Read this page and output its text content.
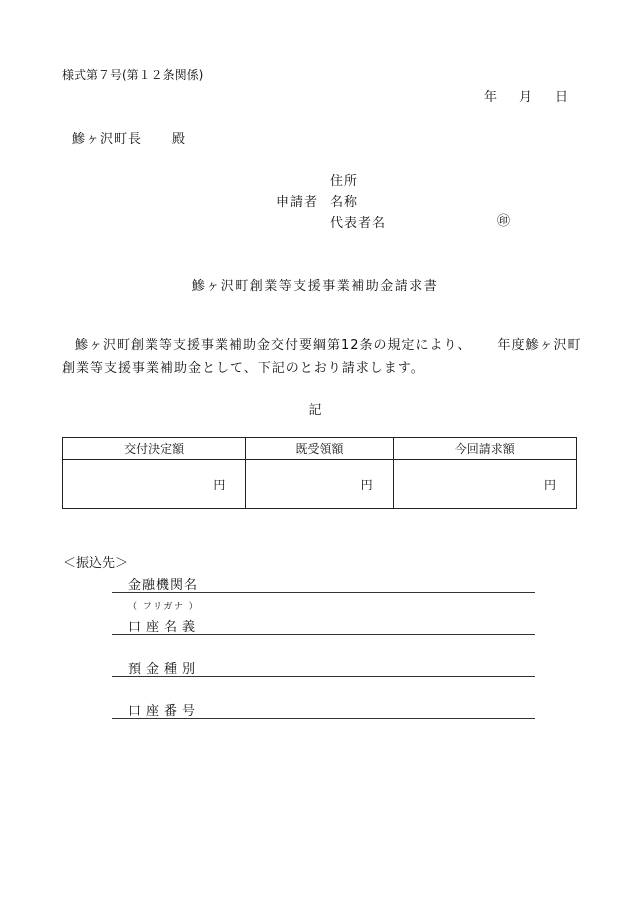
様式第７号(第１２条関係)
年 月 日
鰺ヶ沢町長 殿
住所
申請者 名称
代表者名	㊞
鰺ヶ沢町創業等支援事業補助金請求書
鰺ヶ沢町創業等支援事業補助金交付要綱第12条の規定により、 年度鰺ヶ沢町創業等支援事業補助金として、下記のとおり請求します。
記
交付決定額	既受領額	今回請求額
円	円	円
＜振込先＞
金融機関名
（ フリガナ ）
口座名義
預金種別
口座番号
